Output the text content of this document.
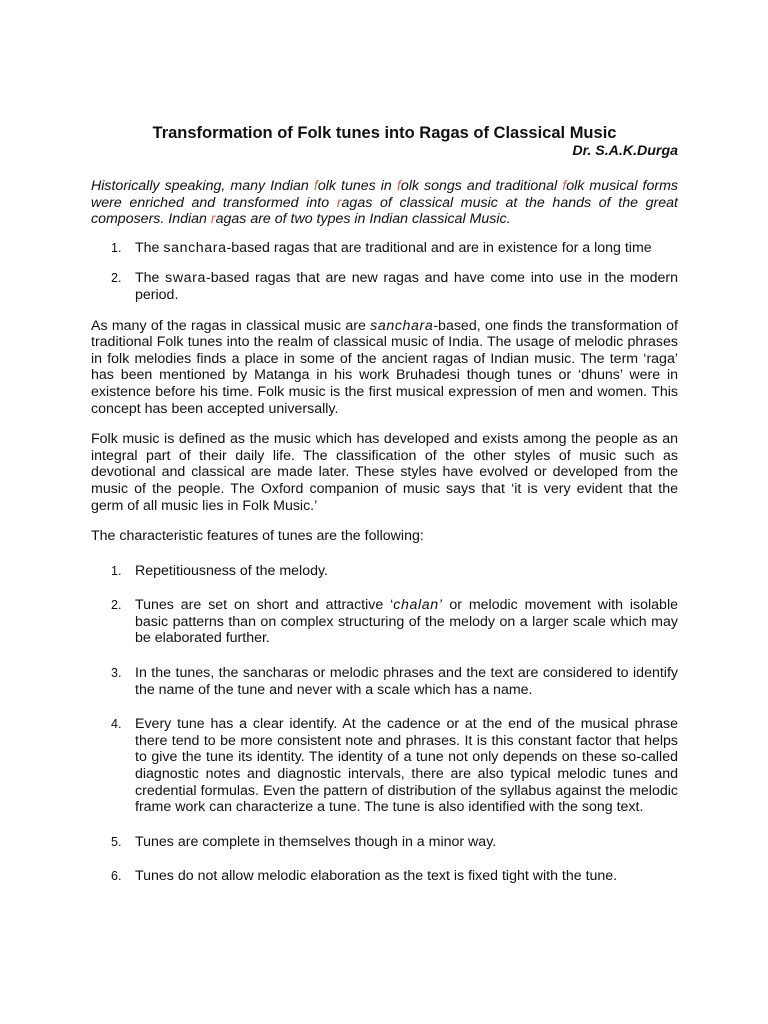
Transformation of Folk tunes into Ragas of Classical Music
Dr. S.A.K.Durga

Historically speaking, many Indian folk tunes in folk songs and traditional folk musical forms were enriched and transformed into ragas of classical music at the hands of the great composers. Indian ragas are of two types in Indian classical Music.

1. The sanchara-based ragas that are traditional and are in existence for a long time
2. The swara-based ragas that are new ragas and have come into use in the modern period.

As many of the ragas in classical music are sanchara-based, one finds the transformation of traditional Folk tunes into the realm of classical music of India. The usage of melodic phrases in folk melodies finds a place in some of the ancient ragas of Indian music. The term ‘raga’ has been mentioned by Matanga in his work Bruhadesi though tunes or ‘dhuns’ were in existence before his time. Folk music is the first musical expression of men and women. This concept has been accepted universally.

Folk music is defined as the music which has developed and exists among the people as an integral part of their daily life. The classification of the other styles of music such as devotional and classical are made later. These styles have evolved or developed from the music of the people. The Oxford companion of music says that ‘it is very evident that the germ of all music lies in Folk Music.’

The characteristic features of tunes are the following:

1. Repetitiousness of the melody.
2. Tunes are set on short and attractive ‘chalan’ or melodic movement with isolable basic patterns than on complex structuring of the melody on a larger scale which may be elaborated further.
3. In the tunes, the sancharas or melodic phrases and the text are considered to identify the name of the tune and never with a scale which has a name.
4. Every tune has a clear identify. At the cadence or at the end of the musical phrase there tend to be more consistent note and phrases. It is this constant factor that helps to give the tune its identity. The identity of a tune not only depends on these so-called diagnostic notes and diagnostic intervals, there are also typical melodic tunes and credential formulas. Even the pattern of distribution of the syllabus against the melodic frame work can characterize a tune. The tune is also identified with the song text.
5. Tunes are complete in themselves though in a minor way.
6. Tunes do not allow melodic elaboration as the text is fixed tight with the tune.
